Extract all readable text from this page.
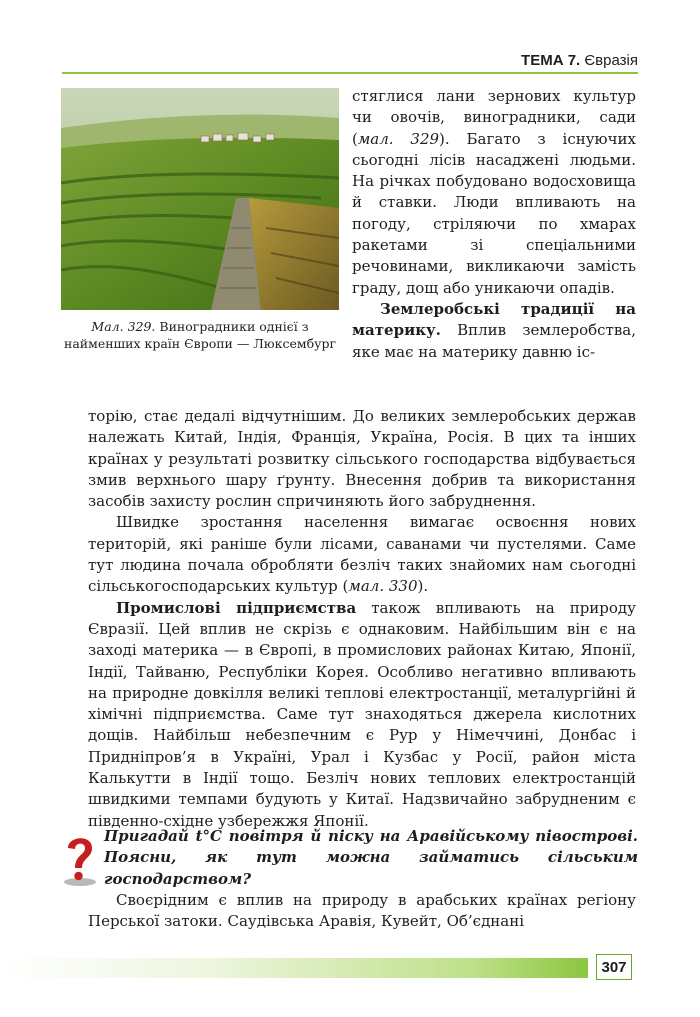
ТЕМА 7. Євразія
Мал. 329. Виноградники однієї з найменших країн Європи — Люксембург

стяглися лани зернових культур чи овочів, виноградники, сади (мал. 329). Багато з існуючих сьогодні лісів насаджені людьми. На річках побудовано водосховища й ставки. Люди впливають на погоду, стріляючи по хмарах ракетами зі спеціальними речовинами, викликаючи замість граду, дощ або уникаючи опадів.

Землеробські традиції на материку. Вплив землеробства, яке має на материку давню іс-

торію, стає дедалі відчутнішим. До великих землеробських держав належать Китай, Індія, Франція, Україна, Росія. В цих та інших країнах у результаті розвитку сільського господарства відбувається змив верхнього шару ґрунту. Внесення добрив та використання засобів захисту рослин спричиняють його забруднення.

Швидке зростання населення вимагає освоєння нових територій, які раніше були лісами, саванами чи пустелями. Саме тут людина почала обробляти безліч таких знайомих нам сьогодні сільськогосподарських культур (мал. 330).

Промислові підприємства також впливають на природу Євразії. Цей вплив не скрізь є однаковим. Найбільшим він є на заході материка — в Європі, в промислових районах Китаю, Японії, Індії, Тайваню, Республіки Корея. Особливо негативно впливають на природне довкілля великі теплові електростанції, металургійні й хімічні підприємства. Саме тут знаходяться джерела кислотних дощів. Найбільш небезпечним є Рур у Німеччині, Донбас і Придніпров’я в Україні, Урал і Кузбас у Росії, район міста Калькутти в Індії тощо. Безліч нових теплових електростанцій швидкими темпами будують у Китаї. Надзвичайно забрудненим є південно-східне узбережжя Японії.

Пригадай t°C повітря й піску на Аравійському півострові. Поясни, як тут можна займатись сільським господарством?

Своєрідним є вплив на природу в арабських країнах регіону Перської затоки. Саудівська Аравія, Кувейт, Об’єднані

307
